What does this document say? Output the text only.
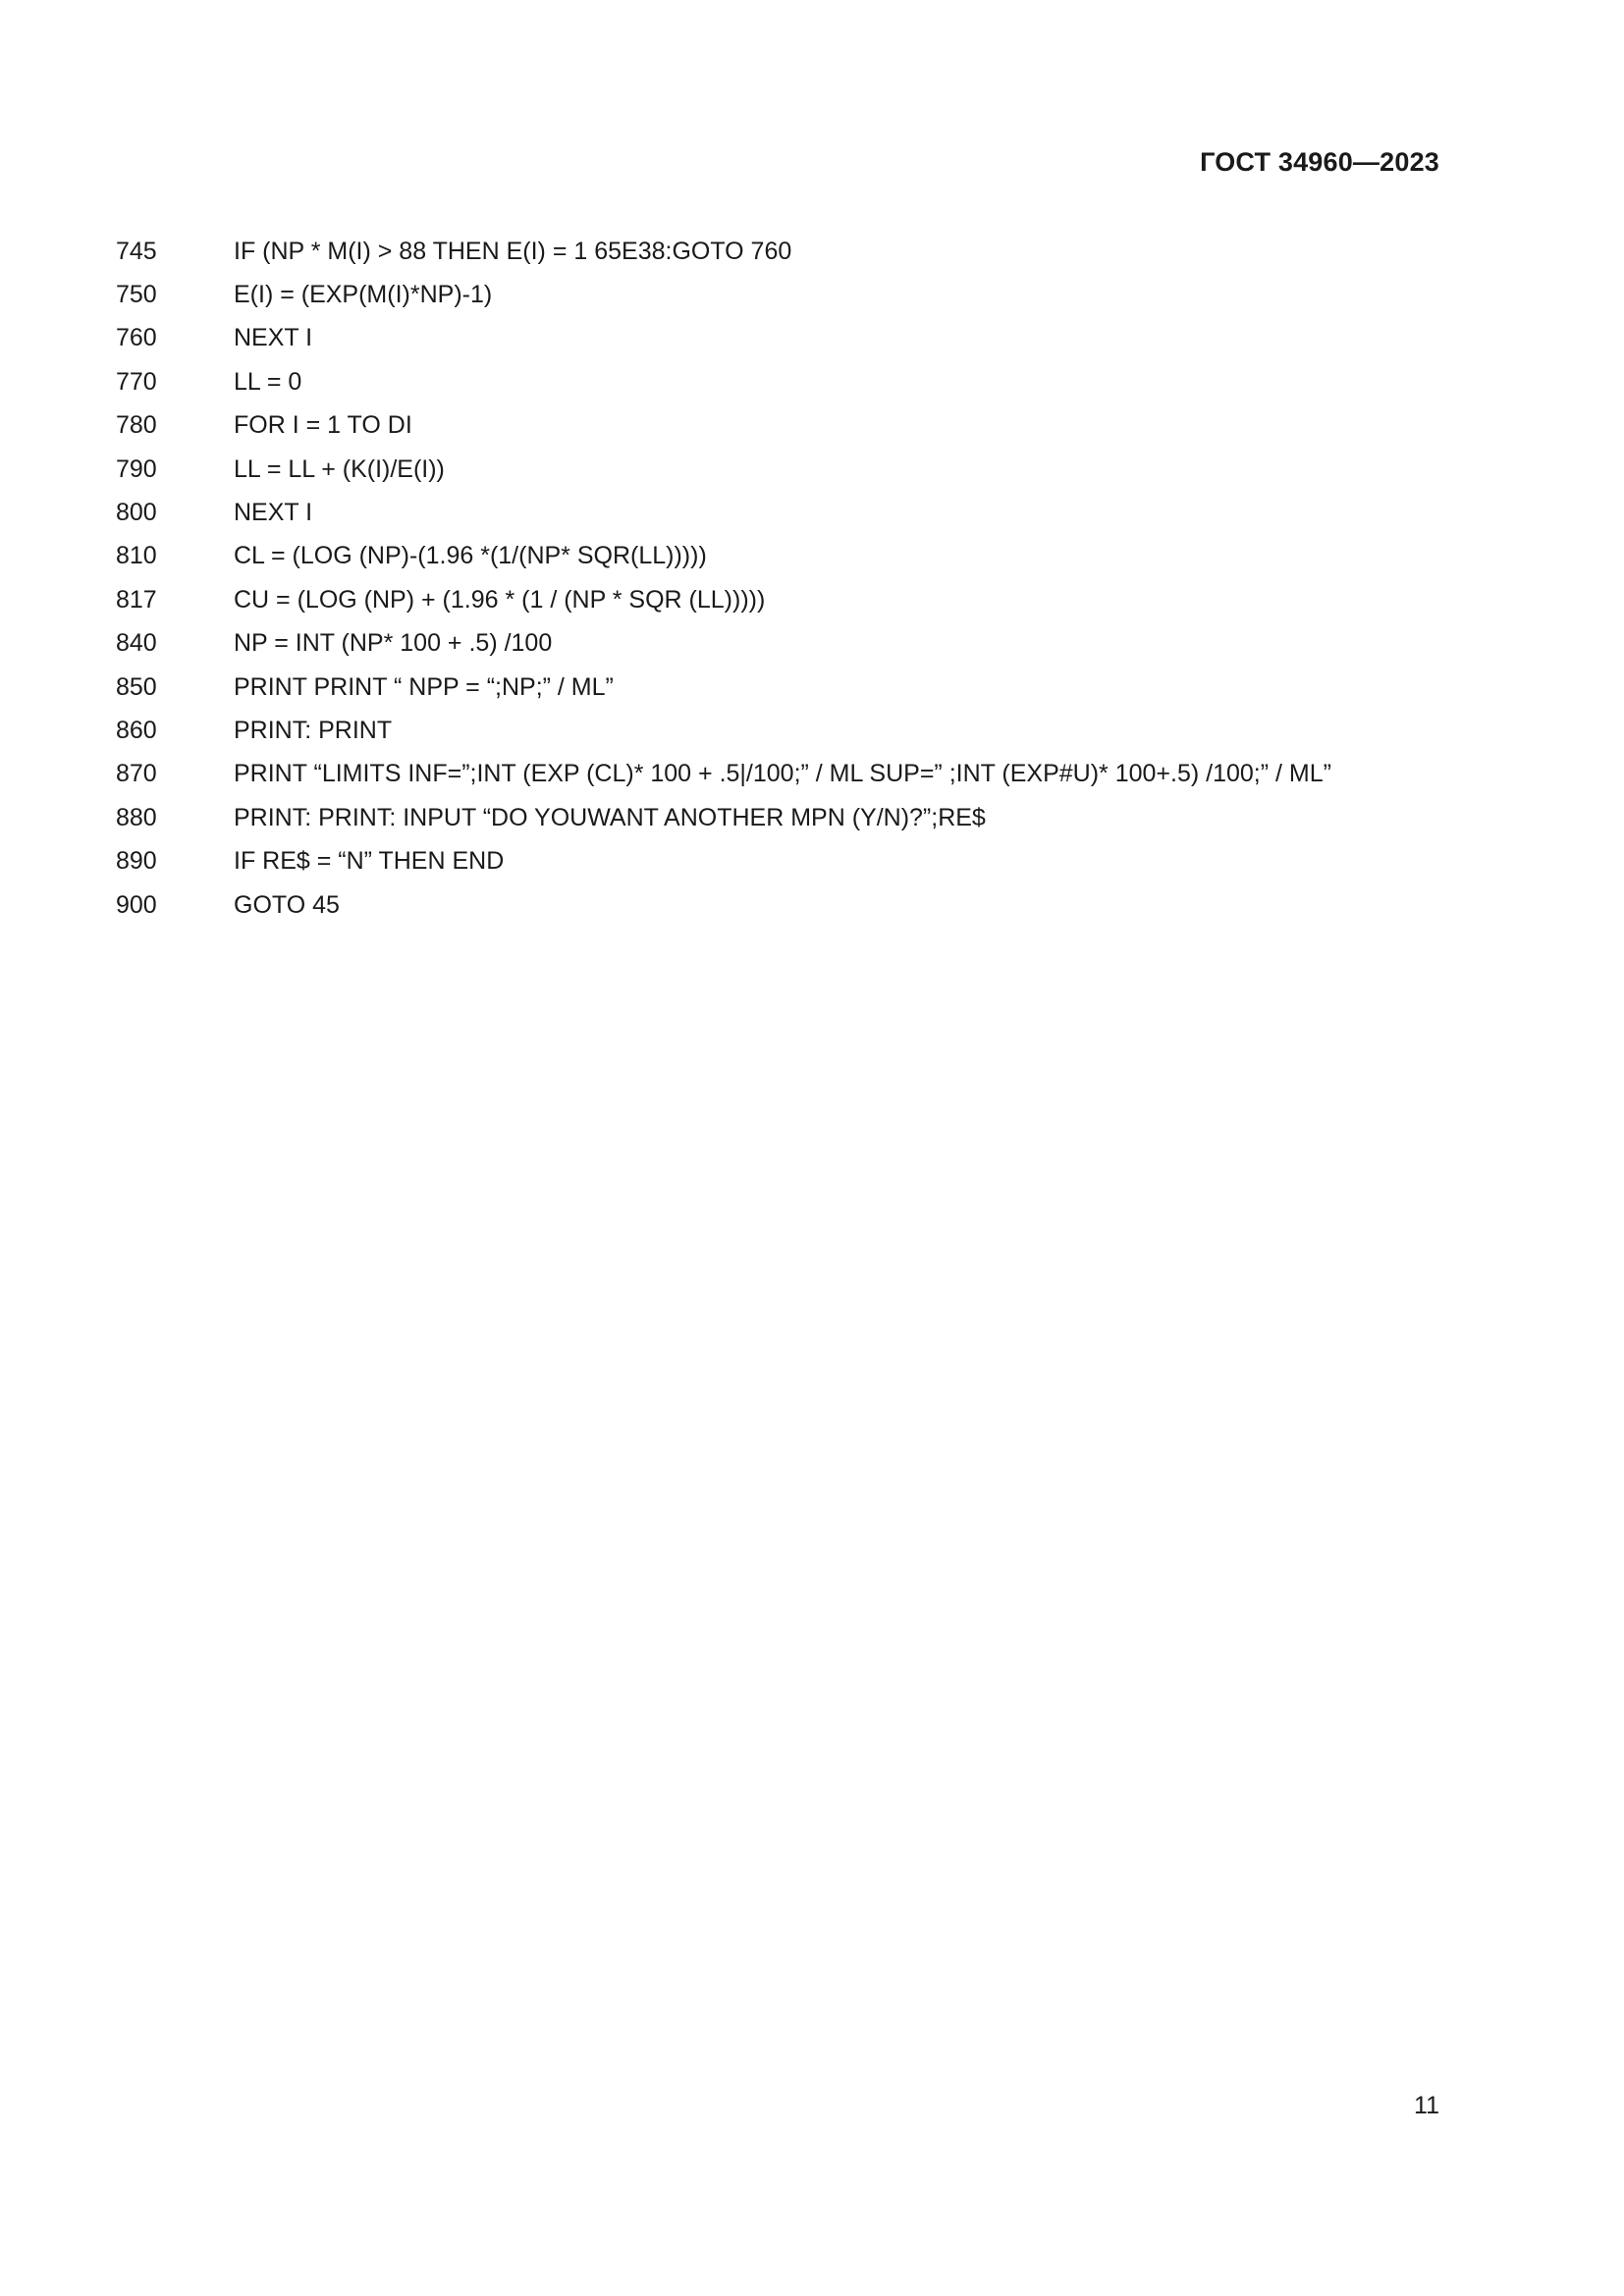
ГОСТ 34960—2023
745	IF (NP * M(I) > 88 THEN E(I) = 1 65E38:GOTO 760
750	E(I) = (EXP(M(I)*NP)-1)
760	NEXT I
770	LL = 0
780	FOR I = 1 TO DI
790	LL = LL + (K(I)/E(I))
800	NEXT I
810	CL = (LOG (NP)-(1.96 *(1/(NP* SQR(LL)))))
817	CU = (LOG (NP) + (1.96 * (1 / (NP * SQR (LL)))))
840	NP = INT (NP* 100 + .5) /100
850	PRINT PRINT “ NPP = “;NP;” / ML”
860	PRINT: PRINT
870	PRINT “LIMITS INF=”;INT (EXP (CL)* 100 + .5|/100;” / ML SUP=” ;INT (EXP#U)* 100+.5) /100;” / ML”
880	PRINT: PRINT: INPUT “DO YOUWANT ANOTHER MPN (Y/N)?”;RE$
890	IF RE$ = “N” THEN END
900	GOTO 45
11
